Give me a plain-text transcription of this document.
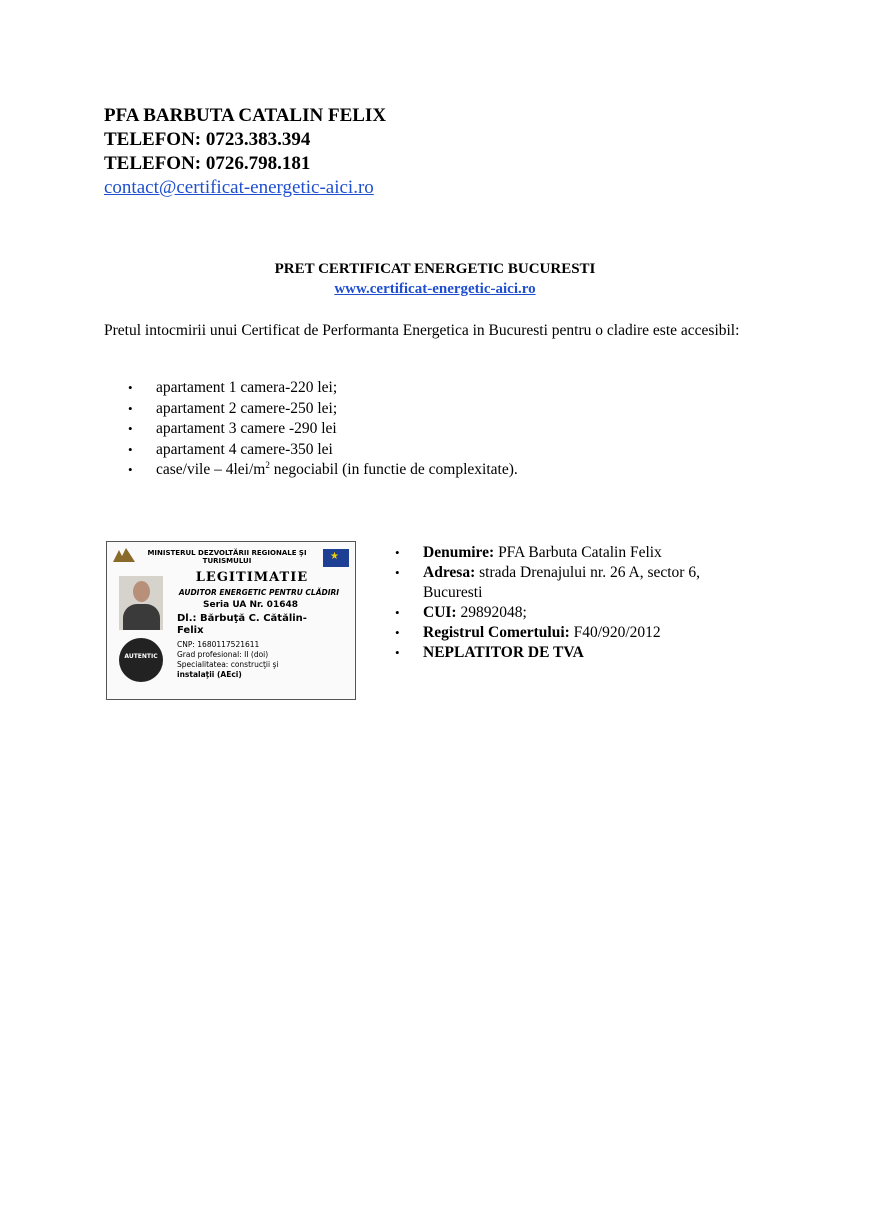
PFA BARBUTA CATALIN FELIX
TELEFON: 0723.383.394
TELEFON: 0726.798.181
contact@certificat-energetic-aici.ro
PRET CERTIFICAT ENERGETIC BUCURESTI
www.certificat-energetic-aici.ro
Pretul intocmirii unui Certificat de Performanta Energetica in Bucuresti pentru o cladire este accesibil:
• apartament 1 camera-220 lei;
• apartament 2 camere-250 lei;
• apartament 3 camere -290 lei
• apartament 4 camere-350 lei
• case/vile – $4lei/m^2$ negociabil (in functie de complexitate).
MINISTERUL DEZVOLTĂRII REGIONALE ŞI TURISMULUI	★
LEGITIMATIE
AUDITOR ENERGETIC PENTRU CLĂDIRI
Seria UA Nr. 01648
Dl.: Bărbuţă C. Cătălin-
Felix
CNP: 1680117521611
Grad profesional: II (doi)
Specialitatea: construcţii şi
instalaţii (AEci)
AUTENTIC
• Denumire: PFA Barbuta Catalin Felix
• Adresa: strada Drenajului nr. 26 A, sector 6, Bucuresti
• CUI: 29892048;
• Registrul Comertului: F40/920/2012
• NEPLATITOR DE TVA
